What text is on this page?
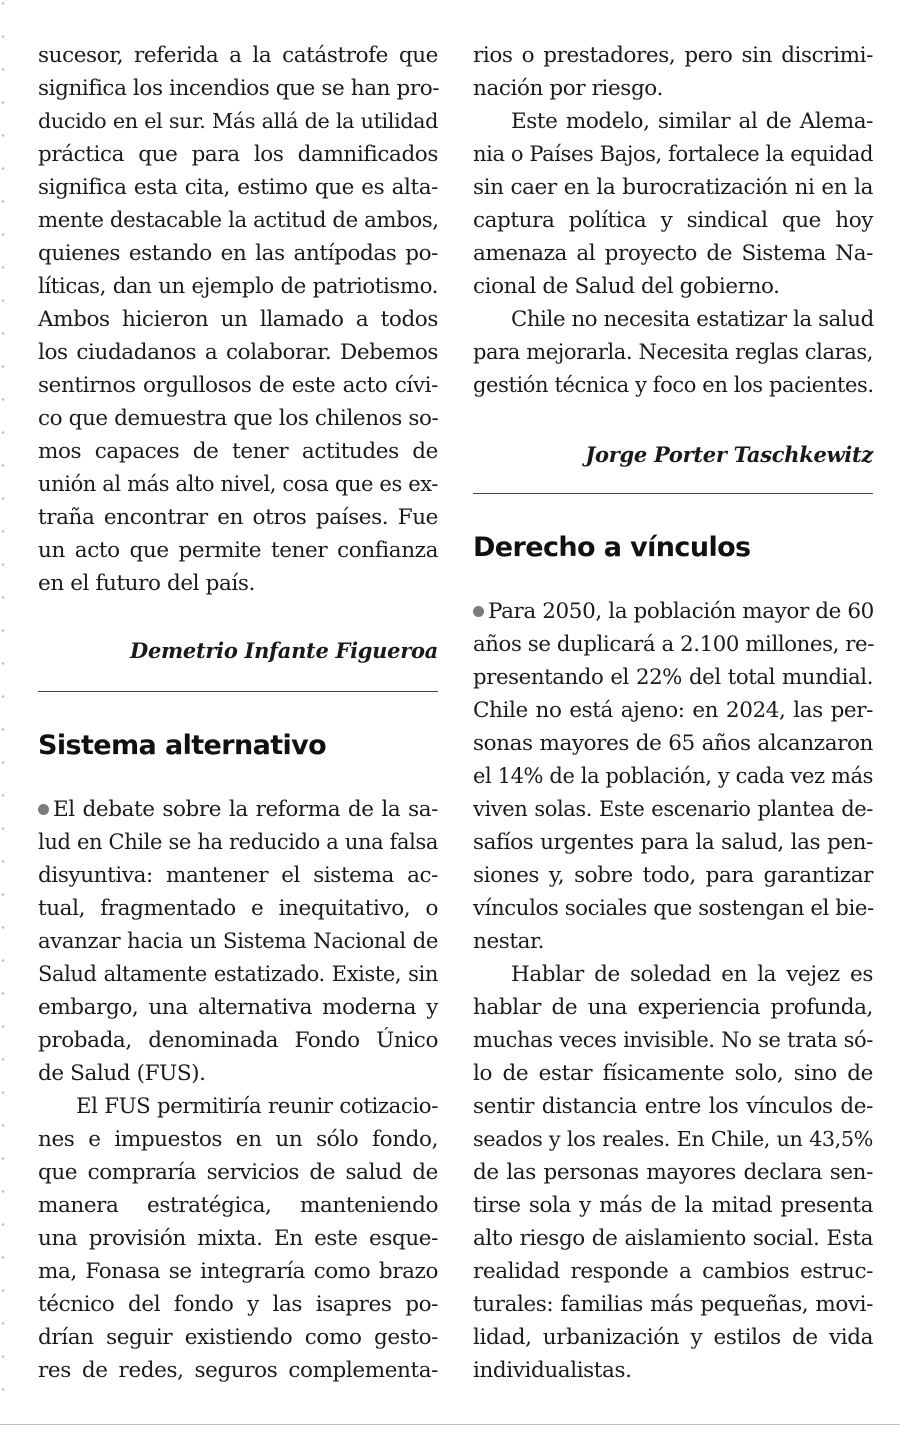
sucesor, referida a la catástrofe que
significa los incendios que se han pro-
ducido en el sur. Más allá de la utilidad
práctica que para los damnificados
significa esta cita, estimo que es alta-
mente destacable la actitud de ambos,
quienes estando en las antípodas po-
líticas, dan un ejemplo de patriotismo.
Ambos hicieron un llamado a todos
los ciudadanos a colaborar. Debemos
sentirnos orgullosos de este acto cívi-
co que demuestra que los chilenos so-
mos capaces de tener actitudes de
unión al más alto nivel, cosa que es ex-
traña encontrar en otros países. Fue
un acto que permite tener confianza
en el futuro del país.
Demetrio Infante Figueroa
Sistema alternativo
El debate sobre la reforma de la sa-
lud en Chile se ha reducido a una falsa
disyuntiva: mantener el sistema ac-
tual, fragmentado e inequitativo, o
avanzar hacia un Sistema Nacional de
Salud altamente estatizado. Existe, sin
embargo, una alternativa moderna y
probada, denominada Fondo Único
de Salud (FUS).
El FUS permitiría reunir cotizacio-
nes e impuestos en un sólo fondo,
que compraría servicios de salud de
manera estratégica, manteniendo
una provisión mixta. En este esque-
ma, Fonasa se integraría como brazo
técnico del fondo y las isapres po-
drían seguir existiendo como gesto-
res de redes, seguros complementa-
rios o prestadores, pero sin discrimi-
nación por riesgo.
Este modelo, similar al de Alema-
nia o Países Bajos, fortalece la equidad
sin caer en la burocratización ni en la
captura política y sindical que hoy
amenaza al proyecto de Sistema Na-
cional de Salud del gobierno.
Chile no necesita estatizar la salud
para mejorarla. Necesita reglas claras,
gestión técnica y foco en los pacientes.
Jorge Porter Taschkewitz
Derecho a vínculos
Para 2050, la población mayor de 60
años se duplicará a 2.100 millones, re-
presentando el 22% del total mundial.
Chile no está ajeno: en 2024, las per-
sonas mayores de 65 años alcanzaron
el 14% de la población, y cada vez más
viven solas. Este escenario plantea de-
safíos urgentes para la salud, las pen-
siones y, sobre todo, para garantizar
vínculos sociales que sostengan el bie-
nestar.
Hablar de soledad en la vejez es
hablar de una experiencia profunda,
muchas veces invisible. No se trata só-
lo de estar físicamente solo, sino de
sentir distancia entre los vínculos de-
seados y los reales. En Chile, un 43,5%
de las personas mayores declara sen-
tirse sola y más de la mitad presenta
alto riesgo de aislamiento social. Esta
realidad responde a cambios estruc-
turales: familias más pequeñas, movi-
lidad, urbanización y estilos de vida
individualistas.
